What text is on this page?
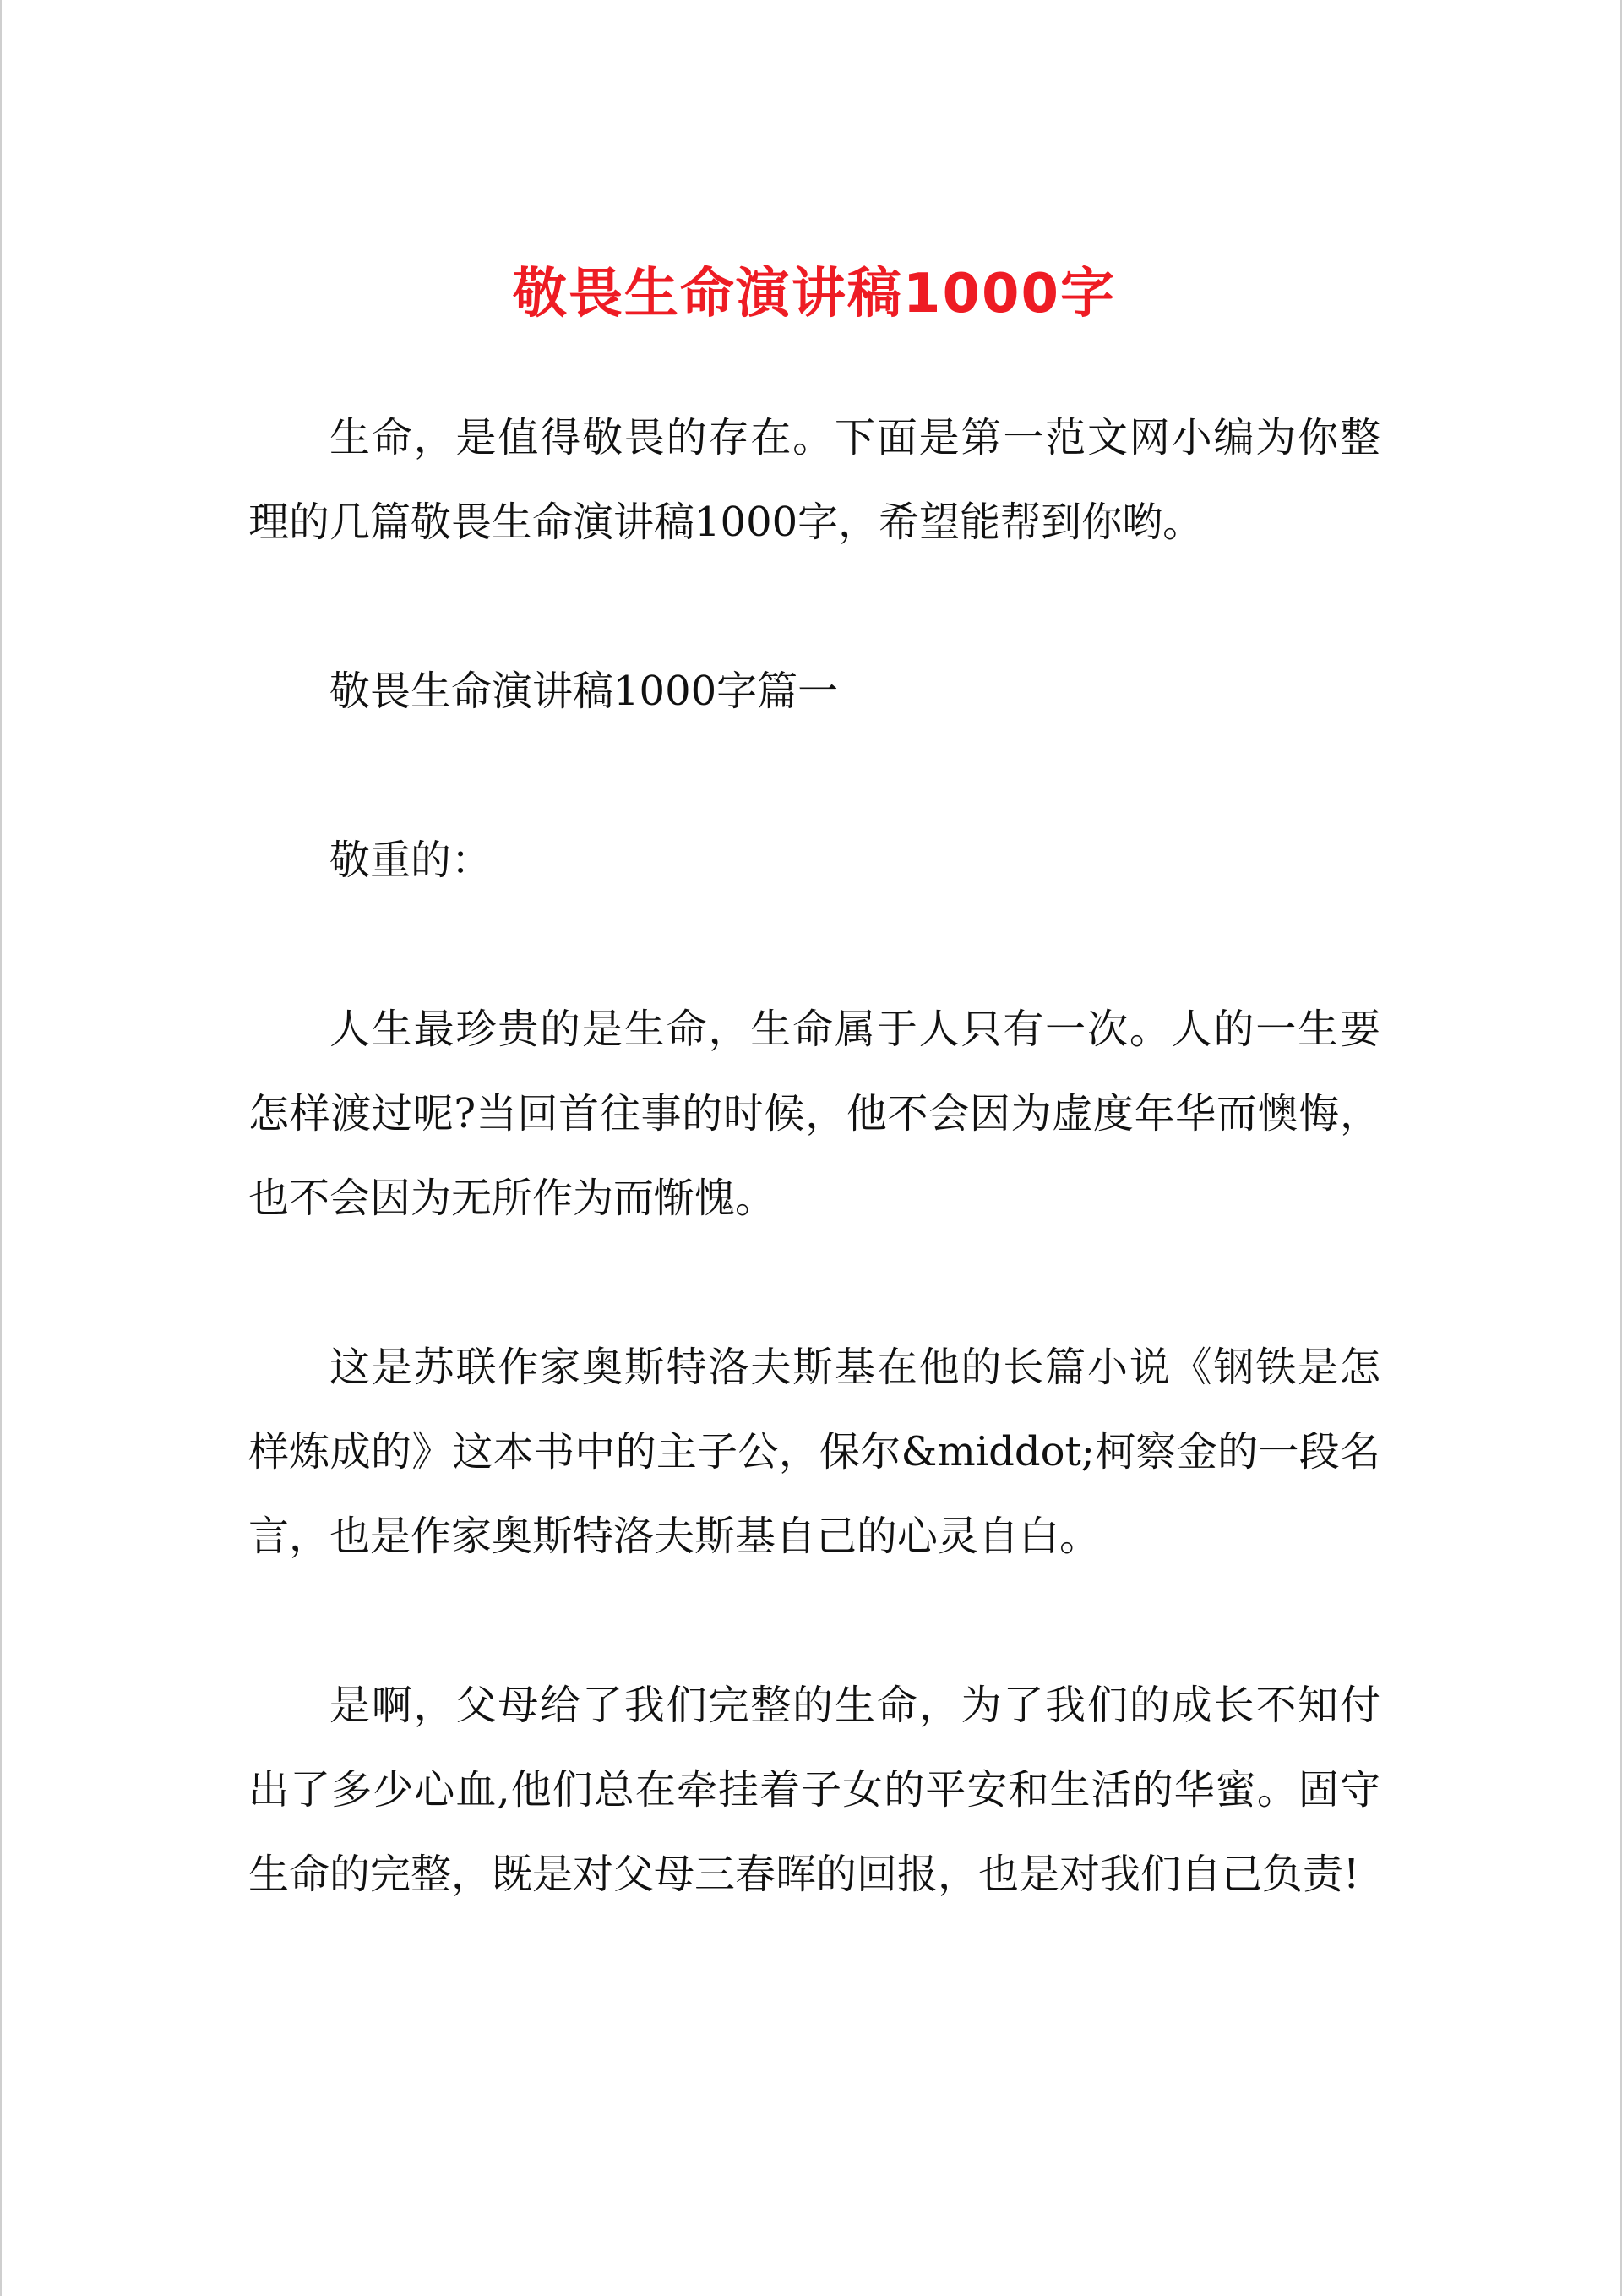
敬畏生命演讲稿1000字

生命，是值得敬畏的存在。下面是第一范文网小编为你整理的几篇敬畏生命演讲稿1000字，希望能帮到你哟。

敬畏生命演讲稿1000字篇一

敬重的：

人生最珍贵的是生命，生命属于人只有一次。人的一生要怎样渡过呢?当回首往事的时候，他不会因为虚度年华而懊悔，也不会因为无所作为而惭愧。

这是苏联作家奥斯特洛夫斯基在他的长篇小说《钢铁是怎样炼成的》这本书中的主子公，保尔&middot;柯察金的一段名言，也是作家奥斯特洛夫斯基自己的心灵自白。

是啊，父母给了我们完整的生命，为了我们的成长不知付出了多少心血,他们总在牵挂着子女的平安和生活的华蜜。固守生命的完整，既是对父母三春晖的回报，也是对我们自己负责!
